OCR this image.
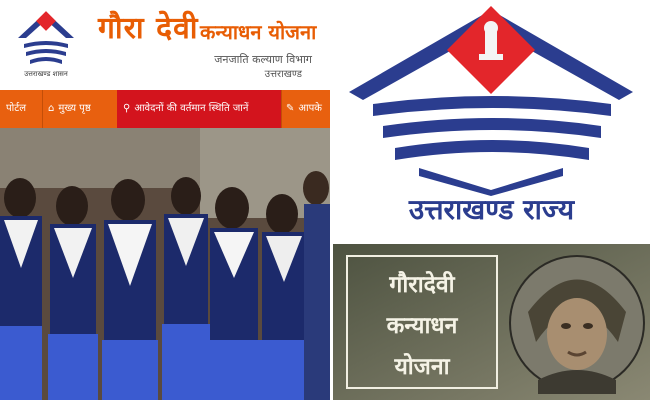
उत्तराखण्ड शासन
गौरा देवी कन्याधन योजना
जनजाति कल्याण विभाग
उत्तराखण्ड
पोर्टल	⌂ मुख्य पृष्ठ	⚲ आवेदनों की वर्तमान स्थिति जानें	✎ आपके
उत्तराखण्ड राज्य
गौरादेवी
कन्याधन
योजना
